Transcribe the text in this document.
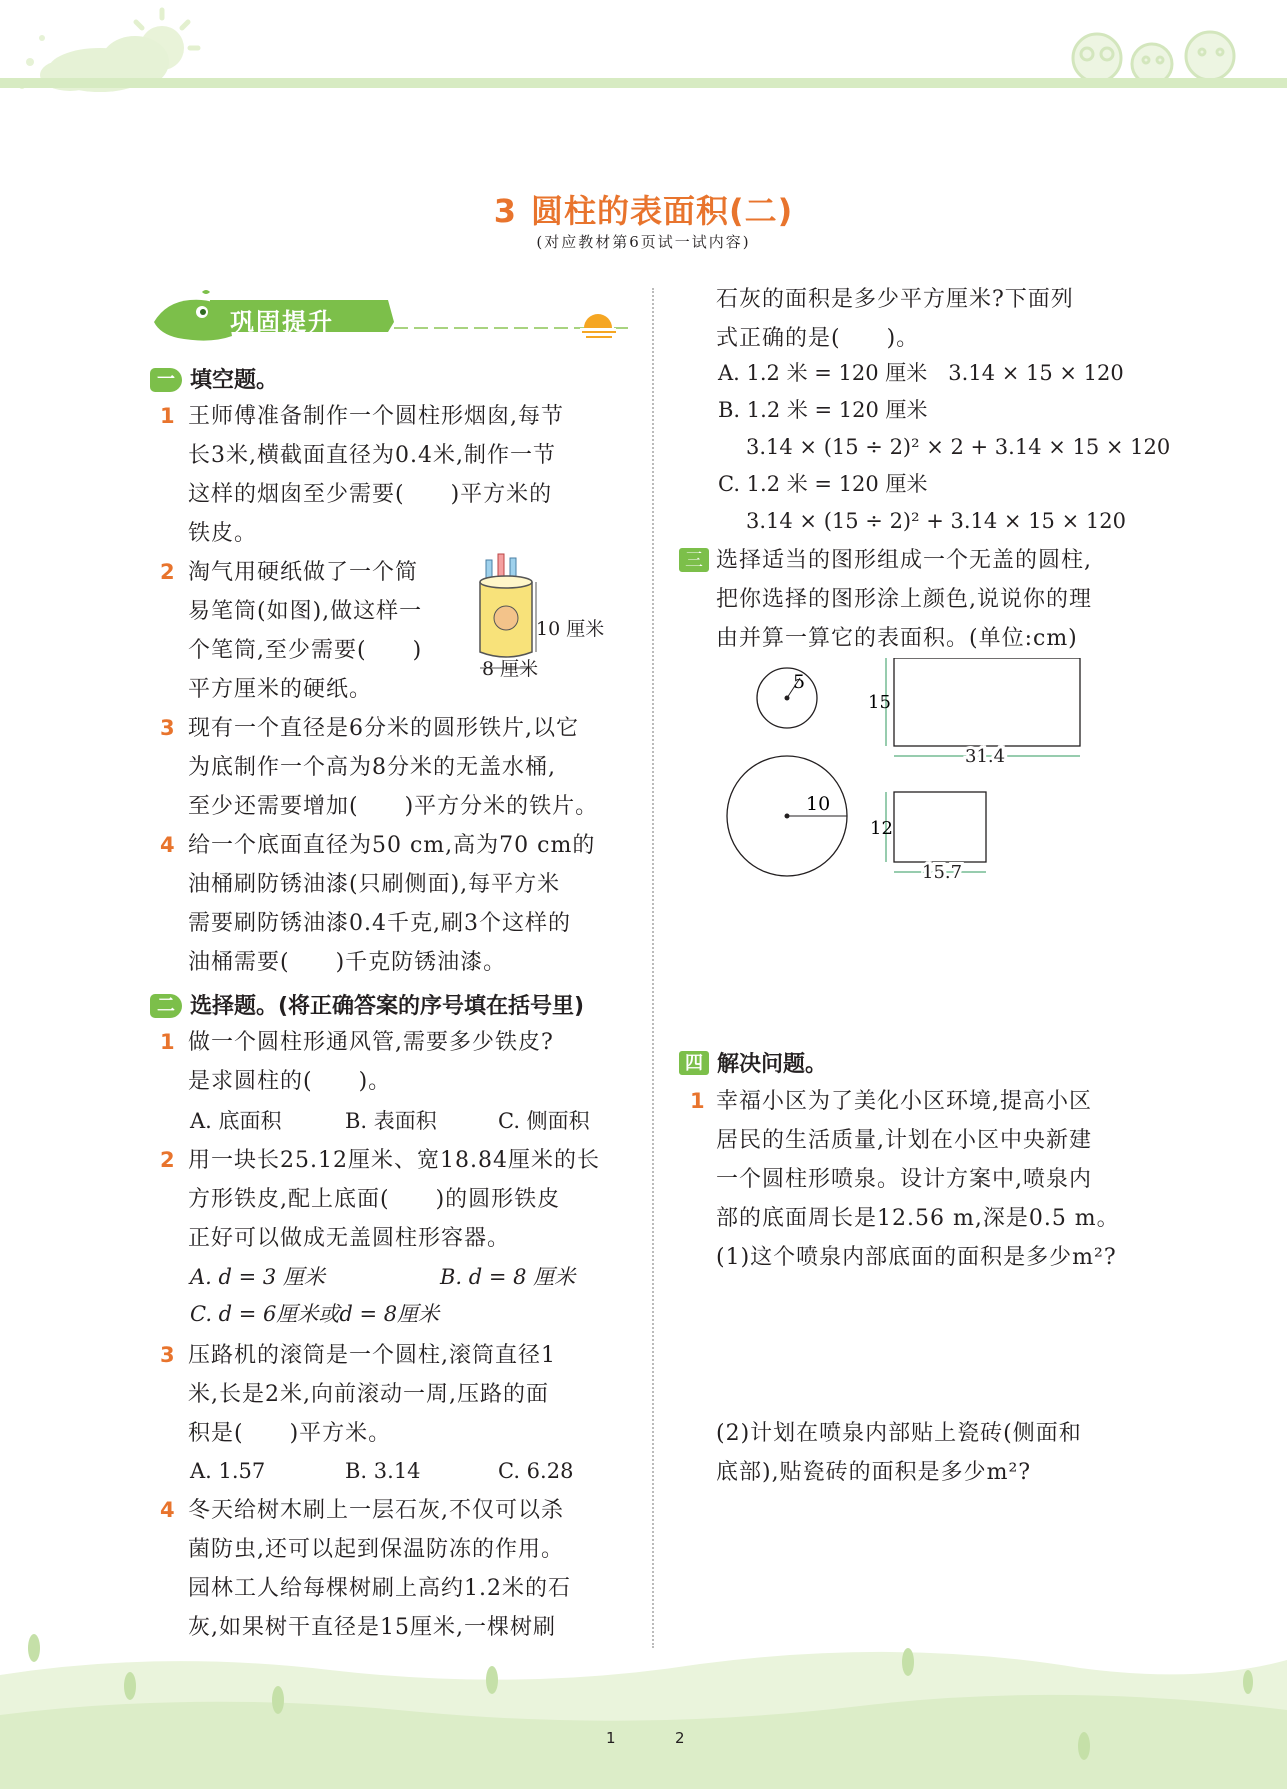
3 圆柱的表面积(二)
(对应教材第6页试一试内容)
巩固提升
一 填空题。
1 王师傅准备制作一个圆柱形烟囱,每节
长3米,横截面直径为0.4米,制作一节
这样的烟囱至少需要(　　)平方米的
铁皮。
2 淘气用硬纸做了一个简
易笔筒(如图),做这样一
个笔筒,至少需要(　　)
平方厘米的硬纸。
10 厘米
8 厘米
3 现有一个直径是6分米的圆形铁片,以它
为底制作一个高为8分米的无盖水桶,
至少还需要增加(　　)平方分米的铁片。
4 给一个底面直径为50 cm,高为70 cm的
油桶刷防锈油漆(只刷侧面),每平方米
需要刷防锈油漆0.4千克,刷3个这样的
油桶需要(　　)千克防锈油漆。
二 选择题。(将正确答案的序号填在括号里)
1 做一个圆柱形通风管,需要多少铁皮?
是求圆柱的(　　)。
A. 底面积	B. 表面积	C. 侧面积
2 用一块长25.12厘米、宽18.84厘米的长
方形铁皮,配上底面(　　)的圆形铁皮
正好可以做成无盖圆柱形容器。
A. d = 3 厘米	B. d = 8 厘米
C. d = 6厘米或d = 8厘米
3 压路机的滚筒是一个圆柱,滚筒直径1
米,长是2米,向前滚动一周,压路的面
积是(　　)平方米。
A. 1.57	B. 3.14	C. 6.28
4 冬天给树木刷上一层石灰,不仅可以杀
菌防虫,还可以起到保温防冻的作用。
园林工人给每棵树刷上高约1.2米的石
灰,如果树干直径是15厘米,一棵树刷
石灰的面积是多少平方厘米?下面列
式正确的是(　　)。
A. 1.2 米 = 120 厘米　3.14 × 15 × 120
B. 1.2 米 = 120 厘米
3.14 × (15 ÷ 2)² × 2 + 3.14 × 15 × 120
C. 1.2 米 = 120 厘米
3.14 × (15 ÷ 2)² + 3.14 × 15 × 120
三 选择适当的图形组成一个无盖的圆柱,
把你选择的图形涂上颜色,说说你的理
由并算一算它的表面积。(单位:cm)
5
15
31.4
10
12
15.7
四 解决问题。
1 幸福小区为了美化小区环境,提高小区
居民的生活质量,计划在小区中央新建
一个圆柱形喷泉。设计方案中,喷泉内
部的底面周长是12.56 m,深是0.5 m。
(1)这个喷泉内部底面的面积是多少m²?
(2)计划在喷泉内部贴上瓷砖(侧面和
底部),贴瓷砖的面积是多少m²?
1	2
